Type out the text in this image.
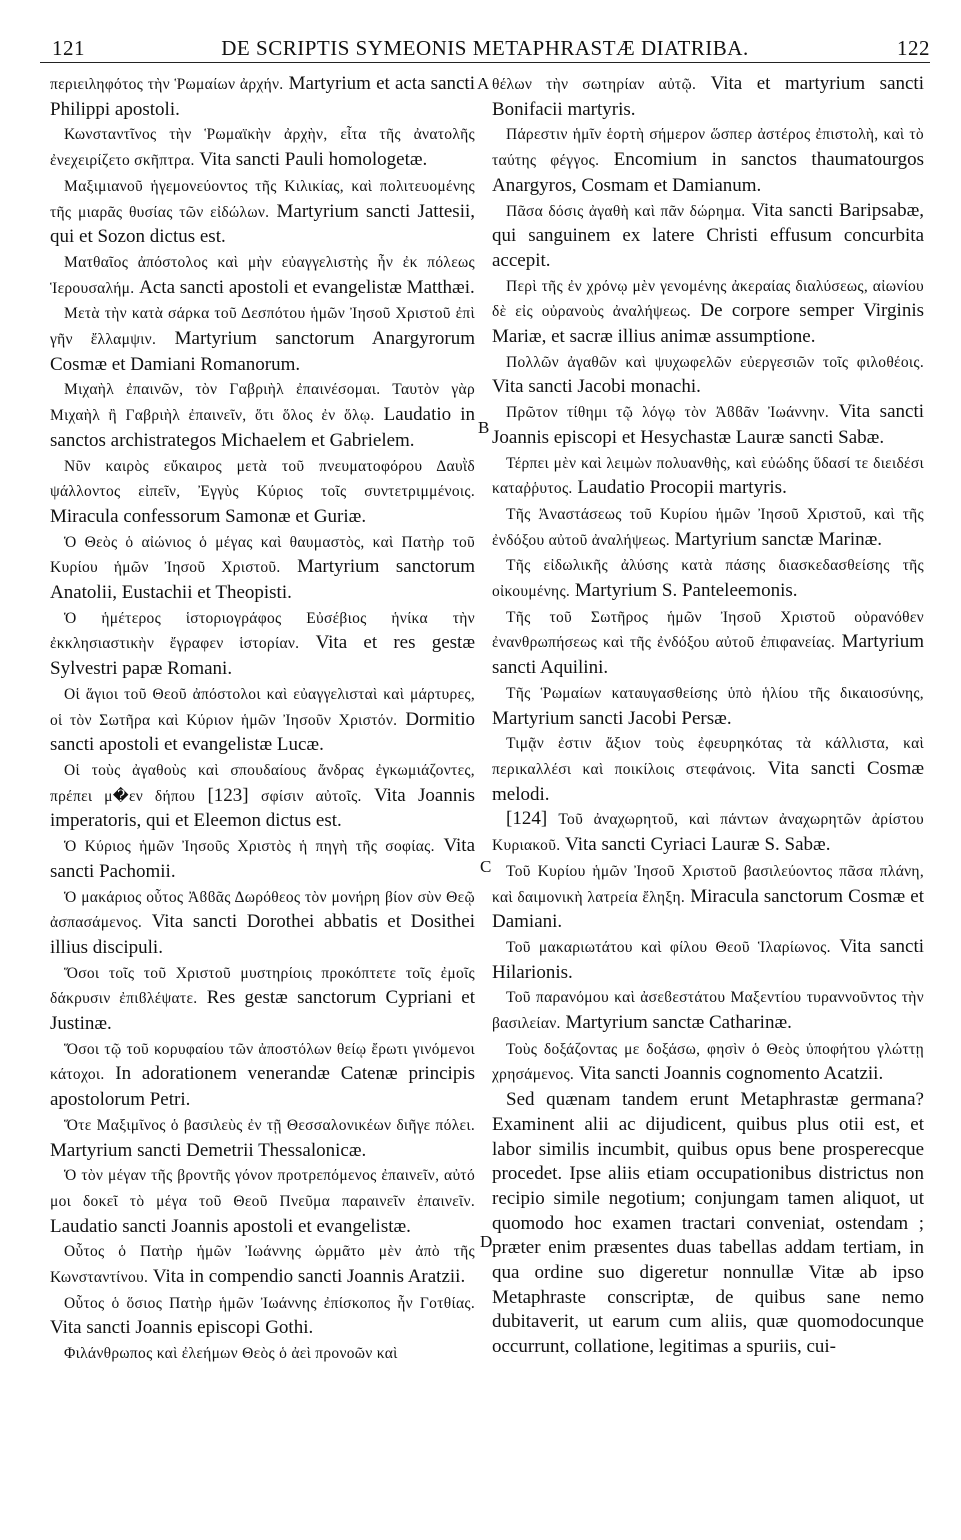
121	DE SCRIPTIS SYMEONIS METAPHRASTÆ DIATRIBA.	122

περιειληφότος τὴν Ῥωμαίων ἀρχήν. Martyrium et acta sancti Philippi apostoli.

Κωνσταντῖνος τὴν Ῥωμαϊκὴν ἀρχὴν, εἶτα τῆς ἀνατολῆς ἐνεχειρίζετο σκῆπτρα. Vita sancti Pauli homologetæ.

Μαξιμιανοῦ ἡγεμονεύοντος τῆς Κιλικίας, καὶ πολιτευομένης τῆς μιαρᾶς θυσίας τῶν εἰδώλων. Martyrium sancti Jattesii, qui et Sozon dictus est.

Ματθαῖος ἀπόστολος καὶ μὴν εὐαγγελιστὴς ἦν ἐκ πόλεως Ἱερουσαλήμ. Acta sancti apostoli et evangelistæ Matthæi.

Μετὰ τὴν κατὰ σάρκα τοῦ Δεσπότου ἡμῶν Ἰησοῦ Χριστοῦ ἐπὶ γῆν ἔλλαμψιν. Martyrium sanctorum Anargyrorum Cosmæ et Damiani Romanorum.

Μιχαὴλ ἐπαινῶν, τὸν Γαβριὴλ ἐπαινέσομαι. Ταυτὸν γὰρ Μιχαὴλ ἢ Γαβριὴλ ἐπαινεῖν, ὅτι ὅλος ἐν ὅλῳ. Laudatio in sanctos archistrategos Michaelem et Gabrielem.

Νῦν καιρὸς εὔκαιρος μετὰ τοῦ πνευματοφόρου Δαυῒδ ψάλλοντος εἰπεῖν, Ἐγγὺς Κύριος τοῖς συντετριμμένοις. Miracula confessorum Samonæ et Guriæ.

Ὁ Θεὸς ὁ αἰώνιος ὁ μέγας καὶ θαυμαστὸς, καὶ Πατὴρ τοῦ Κυρίου ἡμῶν Ἰησοῦ Χριστοῦ. Martyrium sanctorum Anatolii, Eustachii et Theopisti.

Ὁ ἡμέτερος ἱστοριογράφος Εὐσέβιος ἡνίκα τὴν ἐκκλησιαστικὴν ἔγραφεν ἱστορίαν. Vita et res gestæ Sylvestri papæ Romani.

Οἱ ἅγιοι τοῦ Θεοῦ ἀπόστολοι καὶ εὐαγγελισταὶ καὶ μάρτυρες, οἱ τὸν Σωτῆρα καὶ Κύριον ἡμῶν Ἰησοῦν Χριστόν. Dormitio sancti apostoli et evangelistæ Lucæ.

Οἱ τοὺς ἀγαθοὺς καὶ σπουδαίους ἄνδρας ἐγκωμιάζοντες, πρέπει μ�εν δήπου [123] σφίσιν αὐτοῖς. Vita Joannis imperatoris, qui et Eleemon dictus est.

Ὁ Κύριος ἡμῶν Ἰησοῦς Χριστὸς ἡ πηγὴ τῆς σοφίας. Vita sancti Pachomii.

Ὁ μακάριος οὗτος Ἀϐϐᾶς Δωρόθεος τὸν μονήρη βίον σὺν Θεῷ ἀσπασάμενος. Vita sancti Dorothei abbatis et Dosithei illius discipuli.

Ὅσοι τοῖς τοῦ Χριστοῦ μυστηρίοις προκόπτετε τοῖς ἐμοῖς δάκρυσιν ἐπιϐλέψατε. Res gestæ sanctorum Cypriani et Justinæ.

Ὅσοι τῷ τοῦ κορυφαίου τῶν ἀποστόλων θείῳ ἔρωτι γινόμενοι κάτοχοι. In adorationem venerandæ Catenæ principis apostolorum Petri.

Ὅτε Μαξιμῖνος ὁ βασιλεὺς ἐν τῇ Θεσσαλονικέων διῆγε πόλει. Martyrium sancti Demetrii Thessalonicæ.

Ὁ τὸν μέγαν τῆς βροντῆς γόνον προτρεπόμενος ἐπαινεῖν, αὐτό μοι δοκεῖ τὸ μέγα τοῦ Θεοῦ Πνεῦμα παραινεῖν ἐπαινεῖν. Laudatio sancti Joannis apostoli et evangelistæ.

Οὗτος ὁ Πατὴρ ἡμῶν Ἰωάννης ὡρμᾶτο μὲν ἀπὸ τῆς Κωνσταντίνου. Vita in compendio sancti Joannis Aratzii.

Οὗτος ὁ ὅσιος Πατὴρ ἡμῶν Ἰωάννης ἐπίσκοπος ἦν Γοτθίας. Vita sancti Joannis episcopi Gothi.

Φιλάνθρωπος καὶ ἐλεήμων Θεὸς ὁ ἀεὶ προνοῶν καὶ

θέλων τὴν σωτηρίαν αὐτῷ. Vita et martyrium sancti Bonifacii martyris.

Πάρεστιν ἡμῖν ἑορτὴ σήμερον ὥσπερ ἀστέρος ἐπιστολὴ, καὶ τὸ ταύτης φέγγος. Encomium in sanctos thaumatourgos Anargyros, Cosmam et Damianum.

Πᾶσα δόσις ἀγαθὴ καὶ πᾶν δώρημα. Vita sancti Baripsabæ, qui sanguinem ex latere Christi effusum concurbita accepit.

Περὶ τῆς ἐν χρόνῳ μὲν γενομένης ἀκεραίας διαλύσεως, αἰωνίου δὲ εἰς οὐρανοὺς ἀναλήψεως. De corpore semper Virginis Mariæ, et sacræ illius animæ assumptione.

Πολλῶν ἀγαθῶν καὶ ψυχωφελῶν εὐεργεσιῶν τοῖς φιλοθέοις. Vita sancti Jacobi monachi.

Πρῶτον τίθημι τῷ λόγῳ τὸν Ἀϐϐᾶν Ἰωάννην. Vita sancti Joannis episcopi et Hesychastæ Lauræ sancti Sabæ.

Τέρπει μὲν καὶ λειμὼν πολυανθὴς, καὶ εὐώδης ὕδασί τε διειδέσι καταῤῥυτος. Laudatio Procopii martyris.

Τῆς Ἀναστάσεως τοῦ Κυρίου ἡμῶν Ἰησοῦ Χριστοῦ, καὶ τῆς ἐνδόξου αὐτοῦ ἀναλήψεως. Martyrium sanctæ Marinæ.

Τῆς εἰδωλικῆς ἀλύσης κατὰ πάσης διασκεδασθείσης τῆς οἰκουμένης. Martyrium S. Panteleemonis.

Τῆς τοῦ Σωτῆρος ἡμῶν Ἰησοῦ Χριστοῦ οὐρανόθεν ἐνανθρωπήσεως καὶ τῆς ἐνδόξου αὐτοῦ ἐπιφανείας. Martyrium sancti Aquilini.

Τῆς Ῥωμαίων καταυγασθείσης ὑπὸ ἡλίου τῆς δικαιοσύνης, Martyrium sancti Jacobi Persæ.

Τιμᾷν ἐστιν ἄξιον τοὺς ἐφευρηκότας τὰ κάλλιστα, καὶ περικαλλέσι καὶ ποικίλοις στεφάνοις. Vita sancti Cosmæ melodi.

[124] Τοῦ ἀναχωρητοῦ, καὶ πάντων ἀναχωρητῶν ἀρίστου Κυριακοῦ. Vita sancti Cyriaci Lauræ S. Sabæ.

Τοῦ Κυρίου ἡμῶν Ἰησοῦ Χριστοῦ βασιλεύοντος πᾶσα πλάνη, καὶ δαιμονικὴ λατρεία ἔληξη. Miracula sanctorum Cosmæ et Damiani.

Τοῦ μακαριωτάτου καὶ φίλου Θεοῦ Ἱλαρίωνος. Vita sancti Hilarionis.

Τοῦ παρανόμου καὶ ἀσεϐεστάτου Μαξεντίου τυραννοῦντος τὴν βασιλείαν. Martyrium sanctæ Catharinæ.

Τοὺς δοξάζοντας με δοξάσω, φησὶν ὁ Θεὸς ὑποφήτου γλώττῃ χρησάμενος. Vita sancti Joannis cognomento Acatzii.

Sed quænam tandem erunt Metaphrastæ germana? Examinent alii ac dijudicent, quibus plus otii est, et labor similis incumbit, quibus opus bene prosperecque procedet. Ipse aliis etiam occupationibus districtus non recipio simile negotium; conjungam tamen aliquot, ut quomodo hoc examen tractari conveniat, ostendam ; præter enim præsentes duas tabellas addam tertiam, in qua ordine suo digeretur nonnullæ Vitæ ab ipso Metaphraste conscriptæ, de quibus sane nemo dubitaverit, ut earum cum aliis, quæ quomodocunque occurrunt, collatione, legitimas a spuriis, cui-

A
B
C
D
